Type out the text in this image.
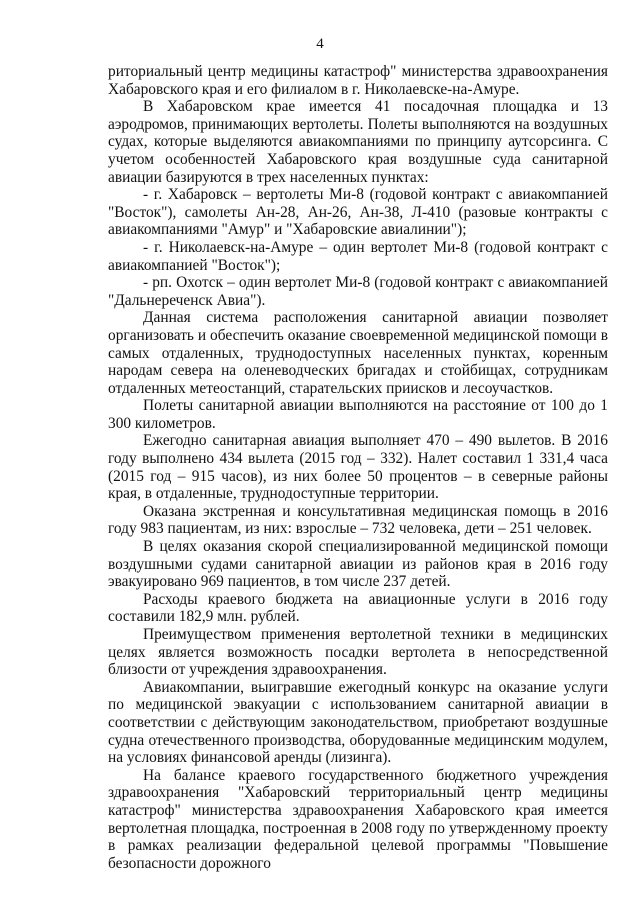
4

риториальный центр медицины катастроф" министерства здравоохранения Хабаровского края и его филиалом в г. Николаевске-на-Амуре.

В Хабаровском крае имеется 41 посадочная площадка и 13 аэродромов, принимающих вертолеты. Полеты выполняются на воздушных судах, которые выделяются авиакомпаниями по принципу аутсорсинга. С учетом особенностей Хабаровского края воздушные суда санитарной авиации базируются в трех населенных пунктах:

- г. Хабаровск – вертолеты Ми-8 (годовой контракт с авиакомпанией "Восток"), самолеты Ан-28, Ан-26, Ан-38, Л-410 (разовые контракты с авиакомпаниями "Амур" и "Хабаровские авиалинии");

- г. Николаевск-на-Амуре – один вертолет Ми-8 (годовой контракт с авиакомпанией "Восток");

- рп. Охотск – один вертолет Ми-8 (годовой контракт с авиакомпанией "Дальнереченск Авиа").

Данная система расположения санитарной авиации позволяет организовать и обеспечить оказание своевременной медицинской помощи в самых отдаленных, труднодоступных населенных пунктах, коренным народам севера на оленеводческих бригадах и стойбищах, сотрудникам отдаленных метеостанций, старательских приисков и лесоучастков.

Полеты санитарной авиации выполняются на расстояние от 100 до 1 300 километров.

Ежегодно санитарная авиация выполняет 470 – 490 вылетов. В 2016 году выполнено 434 вылета (2015 год – 332). Налет составил 1 331,4 часа (2015 год – 915 часов), из них более 50 процентов – в северные районы края, в отдаленные, труднодоступные территории.

Оказана экстренная и консультативная медицинская помощь в 2016 году 983 пациентам, из них: взрослые – 732 человека, дети – 251 человек.

В целях оказания скорой специализированной медицинской помощи воздушными судами санитарной авиации из районов края в 2016 году эвакуировано 969 пациентов, в том числе 237 детей.

Расходы краевого бюджета на авиационные услуги в 2016 году составили 182,9 млн. рублей.

Преимуществом применения вертолетной техники в медицинских целях является возможность посадки вертолета в непосредственной близости от учреждения здравоохранения.

Авиакомпании, выигравшие ежегодный конкурс на оказание услуги по медицинской эвакуации с использованием санитарной авиации в соответствии с действующим законодательством, приобретают воздушные судна отечественного производства, оборудованные медицинским модулем, на условиях финансовой аренды (лизинга).

На балансе краевого государственного бюджетного учреждения здравоохранения "Хабаровский территориальный центр медицины катастроф" министерства здравоохранения Хабаровского края имеется вертолетная площадка, построенная в 2008 году по утвержденному проекту в рамках реализации федеральной целевой программы "Повышение безопасности дорожного
